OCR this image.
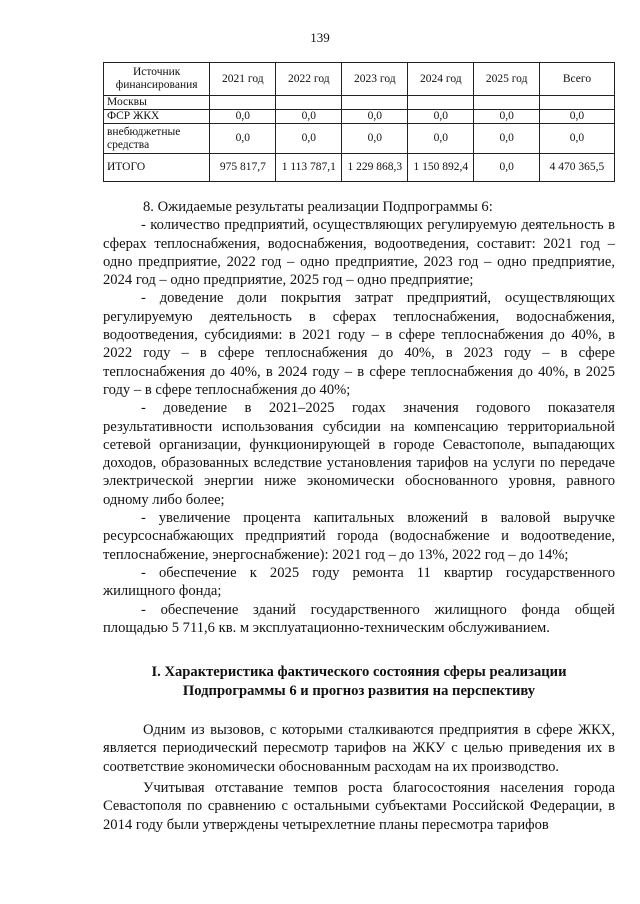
139
Источник финансирования	2021 год	2022 год	2023 год	2024 год	2025 год	Всего
Москвы						
ФСР ЖКХ	0,0	0,0	0,0	0,0	0,0	0,0
внебюджетные средства	0,0	0,0	0,0	0,0	0,0	0,0
ИТОГО	975 817,7	1 113 787,1	1 229 868,3	1 150 892,4	0,0	4 470 365,5

8. Ожидаемые результаты реализации Подпрограммы 6:

- количество предприятий, осуществляющих регулируемую деятельность в сферах теплоснабжения, водоснабжения, водоотведения, составит: 2021 год – одно предприятие, 2022 год – одно предприятие, 2023 год – одно предприятие, 2024 год – одно предприятие, 2025 год – одно предприятие;

- доведение доли покрытия затрат предприятий, осуществляющих регулируемую деятельность в сферах теплоснабжения, водоснабжения, водоотведения, субсидиями: в 2021 году – в сфере теплоснабжения до 40%, в 2022 году – в сфере теплоснабжения до 40%, в 2023 году – в сфере теплоснабжения до 40%, в 2024 году – в сфере теплоснабжения до 40%, в 2025 году – в сфере теплоснабжения до 40%;

- доведение в 2021–2025 годах значения годового показателя результативности использования субсидии на компенсацию территориальной сетевой организации, функционирующей в городе Севастополе, выпадающих доходов, образованных вследствие установления тарифов на услуги по передаче электрической энергии ниже экономически обоснованного уровня, равного одному либо более;

- увеличение процента капитальных вложений в валовой выручке ресурсоснабжающих предприятий города (водоснабжение и водоотведение, теплоснабжение, энергоснабжение): 2021 год – до 13%, 2022 год – до 14%;

- обеспечение к 2025 году ремонта 11 квартир государственного жилищного фонда;

- обеспечение зданий государственного жилищного фонда общей площадью 5 711,6 кв. м эксплуатационно-техническим обслуживанием.

I. Характеристика фактического состояния сферы реализации
Подпрограммы 6 и прогноз развития на перспективу

Одним из вызовов, с которыми сталкиваются предприятия в сфере ЖКХ, является периодический пересмотр тарифов на ЖКУ с целью приведения их в соответствие экономически обоснованным расходам на их производство.

Учитывая отставание темпов роста благосостояния населения города Севастополя по сравнению с остальными субъектами Российской Федерации, в 2014 году были утверждены четырехлетние планы пересмотра тарифов
